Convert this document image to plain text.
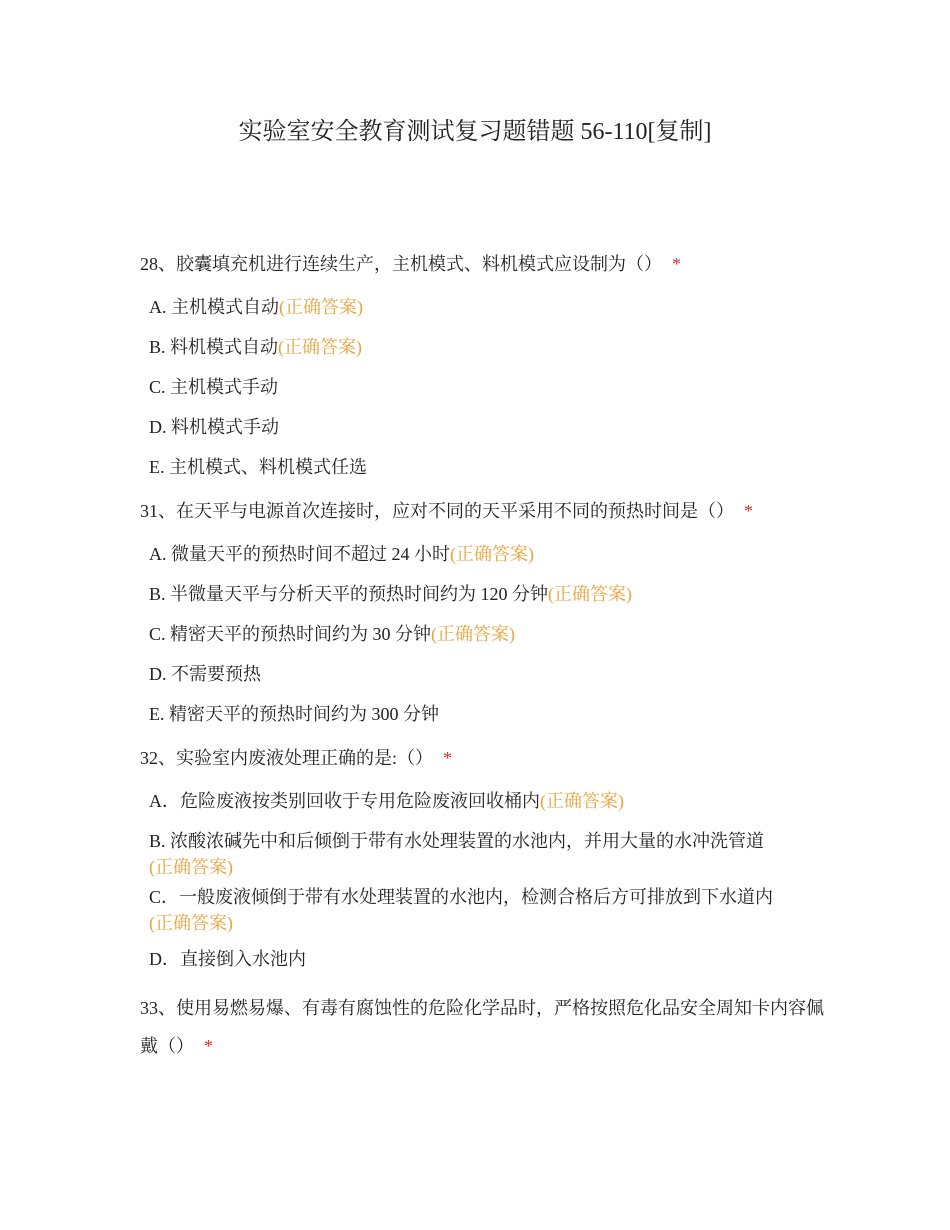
实验室安全教育测试复习题错题 56-110[复制]
28、胶囊填充机进行连续生产，主机模式、料机模式应设制为（） *
A. 主机模式自动(正确答案)
B. 料机模式自动(正确答案)
C. 主机模式手动
D. 料机模式手动
E. 主机模式、料机模式任选
31、在天平与电源首次连接时，应对不同的天平采用不同的预热时间是（） *
A. 微量天平的预热时间不超过 24 小时(正确答案)
B. 半微量天平与分析天平的预热时间约为 120 分钟(正确答案)
C. 精密天平的预热时间约为 30 分钟(正确答案)
D. 不需要预热
E. 精密天平的预热时间约为 300 分钟
32、实验室内废液处理正确的是:（） *
A．危险废液按类别回收于专用危险废液回收桶内(正确答案)
B. 浓酸浓碱先中和后倾倒于带有水处理装置的水池内，并用大量的水冲洗管道
(正确答案)
C．一般废液倾倒于带有水处理装置的水池内，检测合格后方可排放到下水道内
(正确答案)
D．直接倒入水池内
33、使用易燃易爆、有毒有腐蚀性的危险化学品时，严格按照危化品安全周知卡内容佩戴（） *
